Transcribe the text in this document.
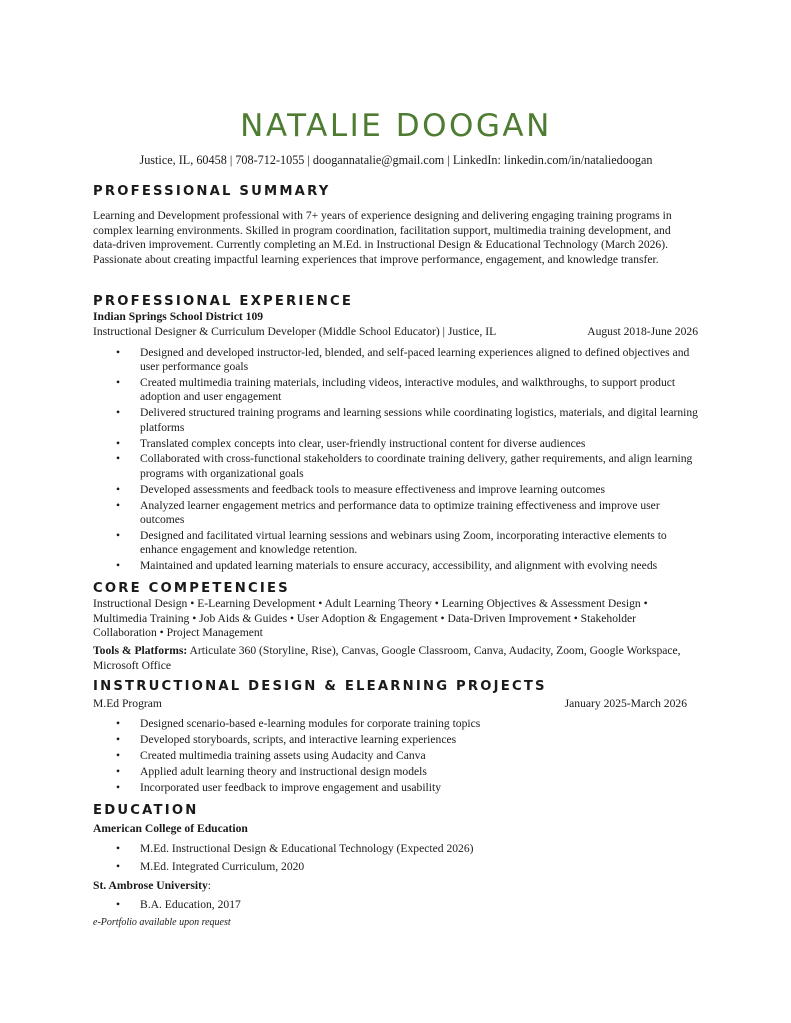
NATALIE DOOGAN
Justice, IL, 60458 | 708-712-1055 | doogannatalie@gmail.com | LinkedIn: linkedin.com/in/nataliedoogan
PROFESSIONAL SUMMARY
Learning and Development professional with 7+ years of experience designing and delivering engaging training programs in complex learning environments. Skilled in program coordination, facilitation support, multimedia training development, and data-driven improvement. Currently completing an M.Ed. in Instructional Design & Educational Technology (March 2026). Passionate about creating impactful learning experiences that improve performance, engagement, and knowledge transfer.
PROFESSIONAL EXPERIENCE
Indian Springs School District 109
Instructional Designer & Curriculum Developer (Middle School Educator) | Justice, IL	August 2018-June 2026
• Designed and developed instructor-led, blended, and self-paced learning experiences aligned to defined objectives and user performance goals
• Created multimedia training materials, including videos, interactive modules, and walkthroughs, to support product adoption and user engagement
• Delivered structured training programs and learning sessions while coordinating logistics, materials, and digital learning platforms
• Translated complex concepts into clear, user-friendly instructional content for diverse audiences
• Collaborated with cross-functional stakeholders to coordinate training delivery, gather requirements, and align learning programs with organizational goals
• Developed assessments and feedback tools to measure effectiveness and improve learning outcomes
• Analyzed learner engagement metrics and performance data to optimize training effectiveness and improve user outcomes
• Designed and facilitated virtual learning sessions and webinars using Zoom, incorporating interactive elements to enhance engagement and knowledge retention.
• Maintained and updated learning materials to ensure accuracy, accessibility, and alignment with evolving needs
CORE COMPETENCIES
Instructional Design • E-Learning Development • Adult Learning Theory • Learning Objectives & Assessment Design • Multimedia Training • Job Aids & Guides • User Adoption & Engagement • Data-Driven Improvement • Stakeholder Collaboration • Project Management
Tools & Platforms: Articulate 360 (Storyline, Rise), Canvas, Google Classroom, Canva, Audacity, Zoom, Google Workspace, Microsoft Office
INSTRUCTIONAL DESIGN & ELEARNING PROJECTS
M.Ed Program	January 2025-March 2026
• Designed scenario-based e-learning modules for corporate training topics
• Developed storyboards, scripts, and interactive learning experiences
• Created multimedia training assets using Audacity and Canva
• Applied adult learning theory and instructional design models
• Incorporated user feedback to improve engagement and usability
EDUCATION
American College of Education
• M.Ed. Instructional Design & Educational Technology (Expected 2026)
• M.Ed. Integrated Curriculum, 2020
St. Ambrose University:
• B.A. Education, 2017
e-Portfolio available upon request
